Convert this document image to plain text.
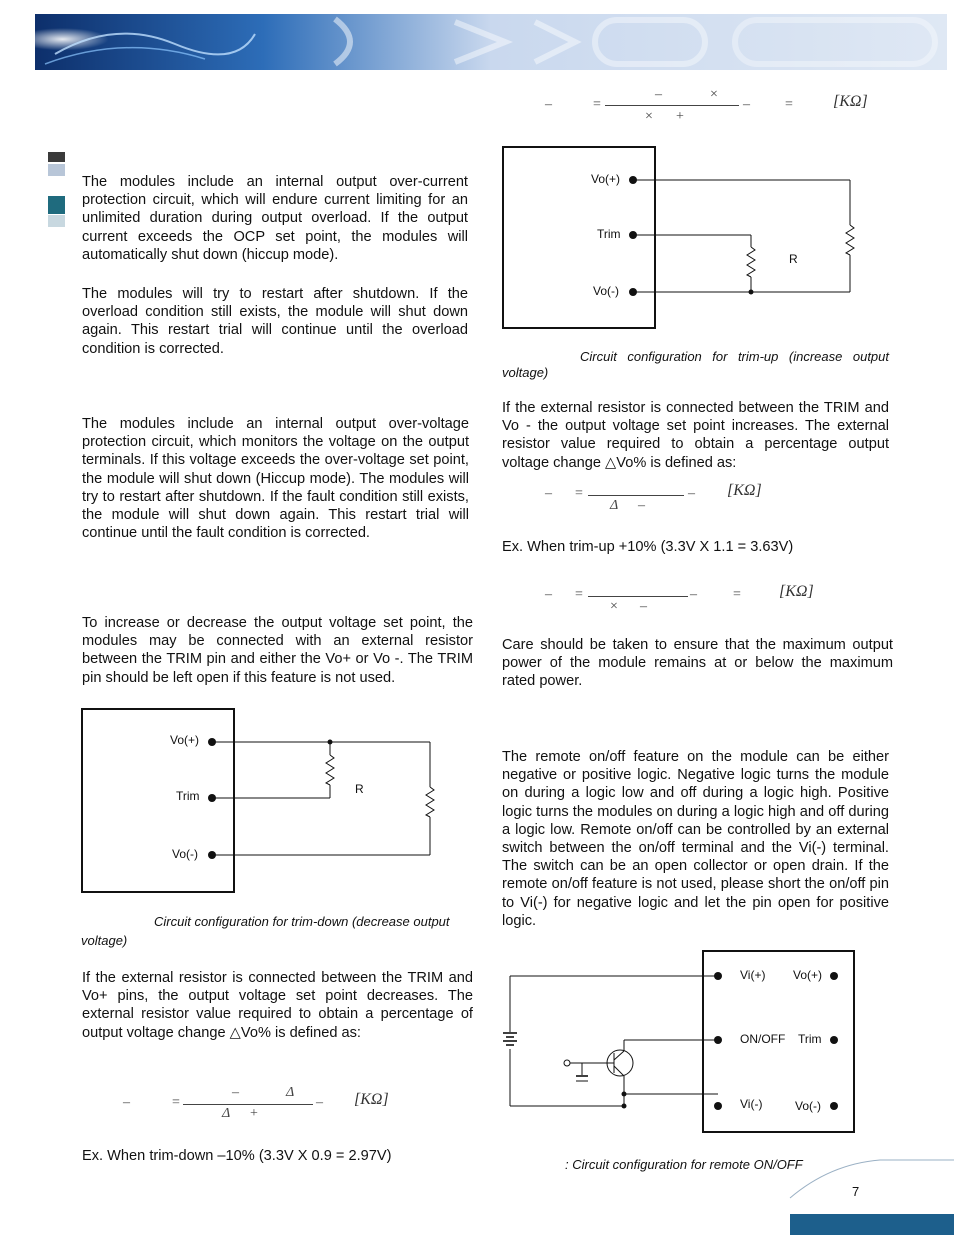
The modules include an internal output over-current protection circuit, which will endure current limiting for an unlimited duration during output overload. If the output current exceeds the OCP set point, the modules will automatically shut down (hiccup mode).

The modules will try to restart after shutdown. If the overload condition still exists, the module will shut down again. This restart trial will continue until the overload condition is corrected.

The modules include an internal output over-voltage protection circuit, which monitors the voltage on the output terminals. If this voltage exceeds the over-voltage set point, the module will shut down (Hiccup mode). The modules will try to restart after shutdown. If the fault condition still exists, the module will shut down again. This restart trial will continue until the fault condition is corrected.

To increase or decrease the output voltage set point, the modules may be connected with an external resistor between the TRIM pin and either the Vo+ or Vo -. The TRIM pin should be left open if this feature is not used.

Vo(+)
Trim
Vo(-)
R

Circuit configuration for trim-down (decrease output

voltage)

If the external resistor is connected between the TRIM and Vo+ pins, the output voltage set point decreases. The external resistor value required to obtain a percentage of output voltage change △Vo% is defined as:

–	=
–	Δ
Δ +
– [KΩ]

Ex. When trim-down –10% (3.3V X 0.9 = 2.97V)

–	=
–	×
× +
–	=	[KΩ]
Vo(+)
Trim
Vo(-)
R

Circuit configuration for trim-up (increase output

voltage)

If the external resistor is connected between the TRIM and Vo - the output voltage set point increases. The external resistor value required to obtain a percentage output voltage change △Vo% is defined as:

– =
Δ –
– [KΩ]

Ex. When trim-up +10% (3.3V X 1.1 = 3.63V)

– =
× –
–	= [KΩ]

Care should be taken to ensure that the maximum output power of the module remains at or below the maximum rated power.

The remote on/off feature on the module can be either negative or positive logic. Negative logic turns the module on during a logic low and off during a logic high. Positive logic turns the modules on during a logic high and off during a logic low. Remote on/off can be controlled by an external switch between the on/off terminal and the Vi(-) terminal. The switch can be an open collector or open drain. If the remote on/off feature is not used, please short the on/off pin to Vi(-) for negative logic and let the pin open for positive logic.

Vi(+) Vo(+)
ON/OFF Trim
Vi(-)	Vo(-)

: Circuit configuration for remote ON/OFF

7
